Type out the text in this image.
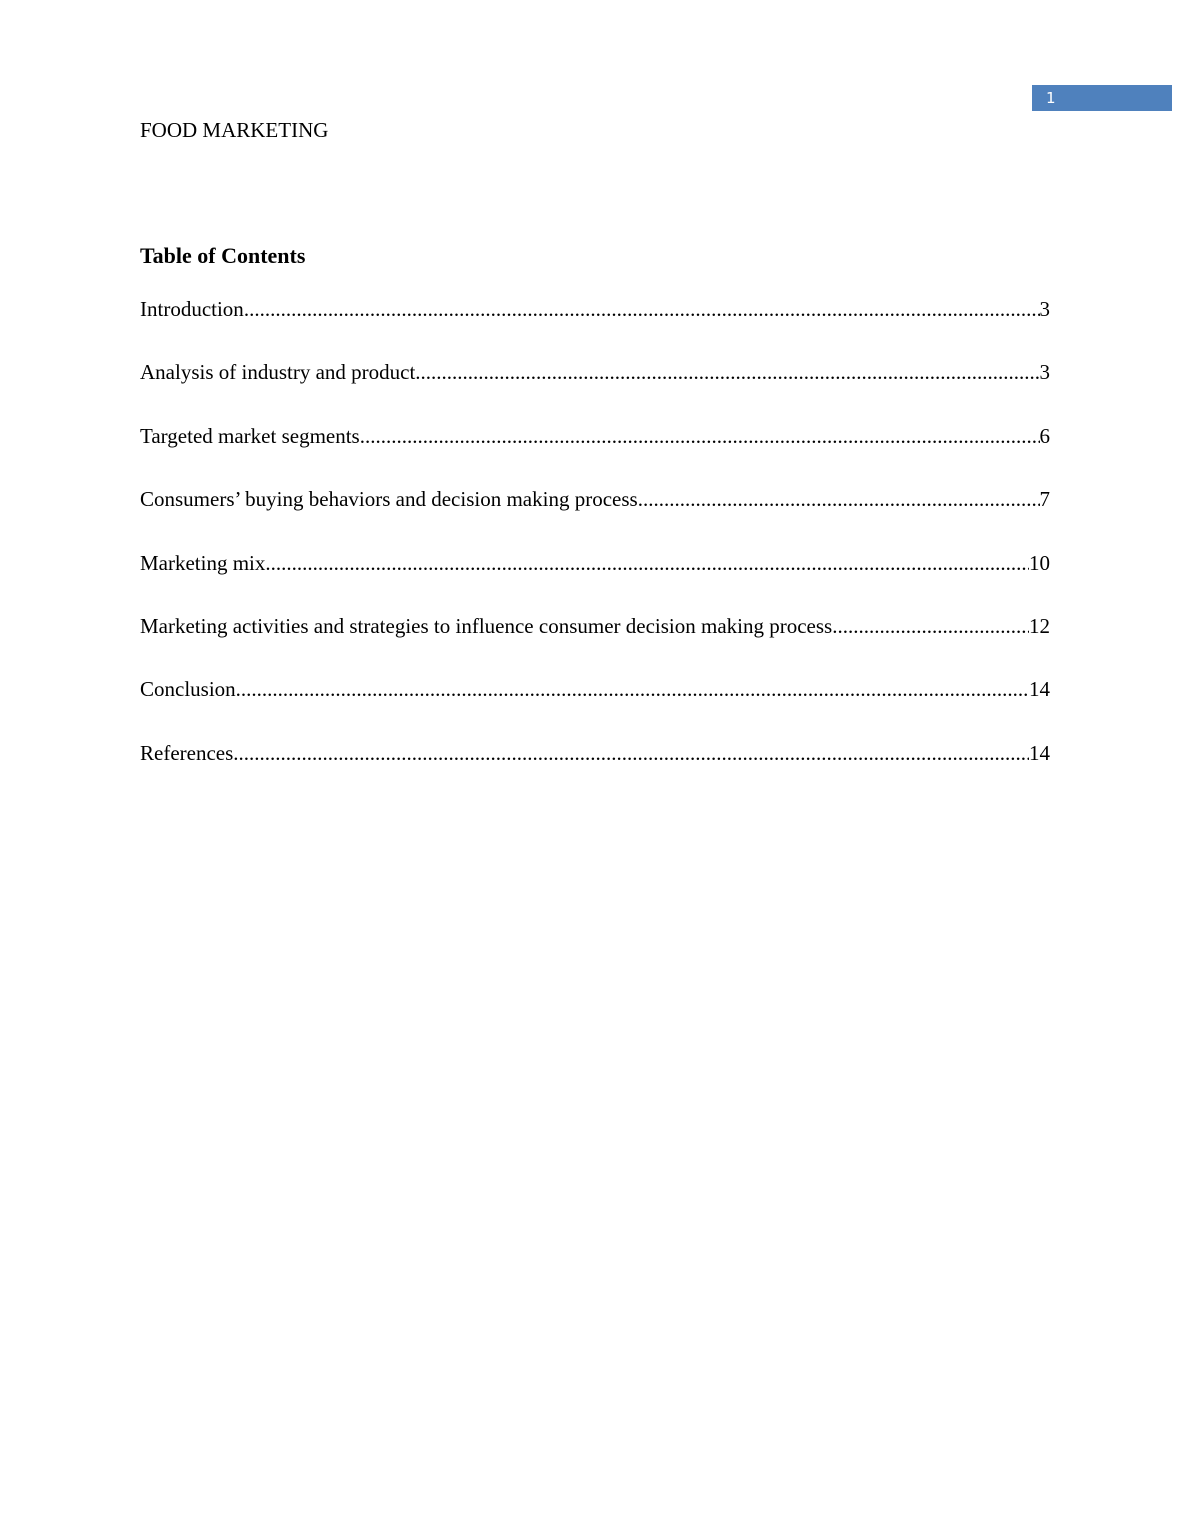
1
FOOD MARKETING
Table of Contents
Introduction .....	3
Analysis of industry and product .....	3
Targeted market segments .....	6
Consumers’ buying behaviors and decision making process .....	7
Marketing mix .....	10
Marketing activities and strategies to influence consumer decision making process .....	12
Conclusion .....	14
References .....	14
